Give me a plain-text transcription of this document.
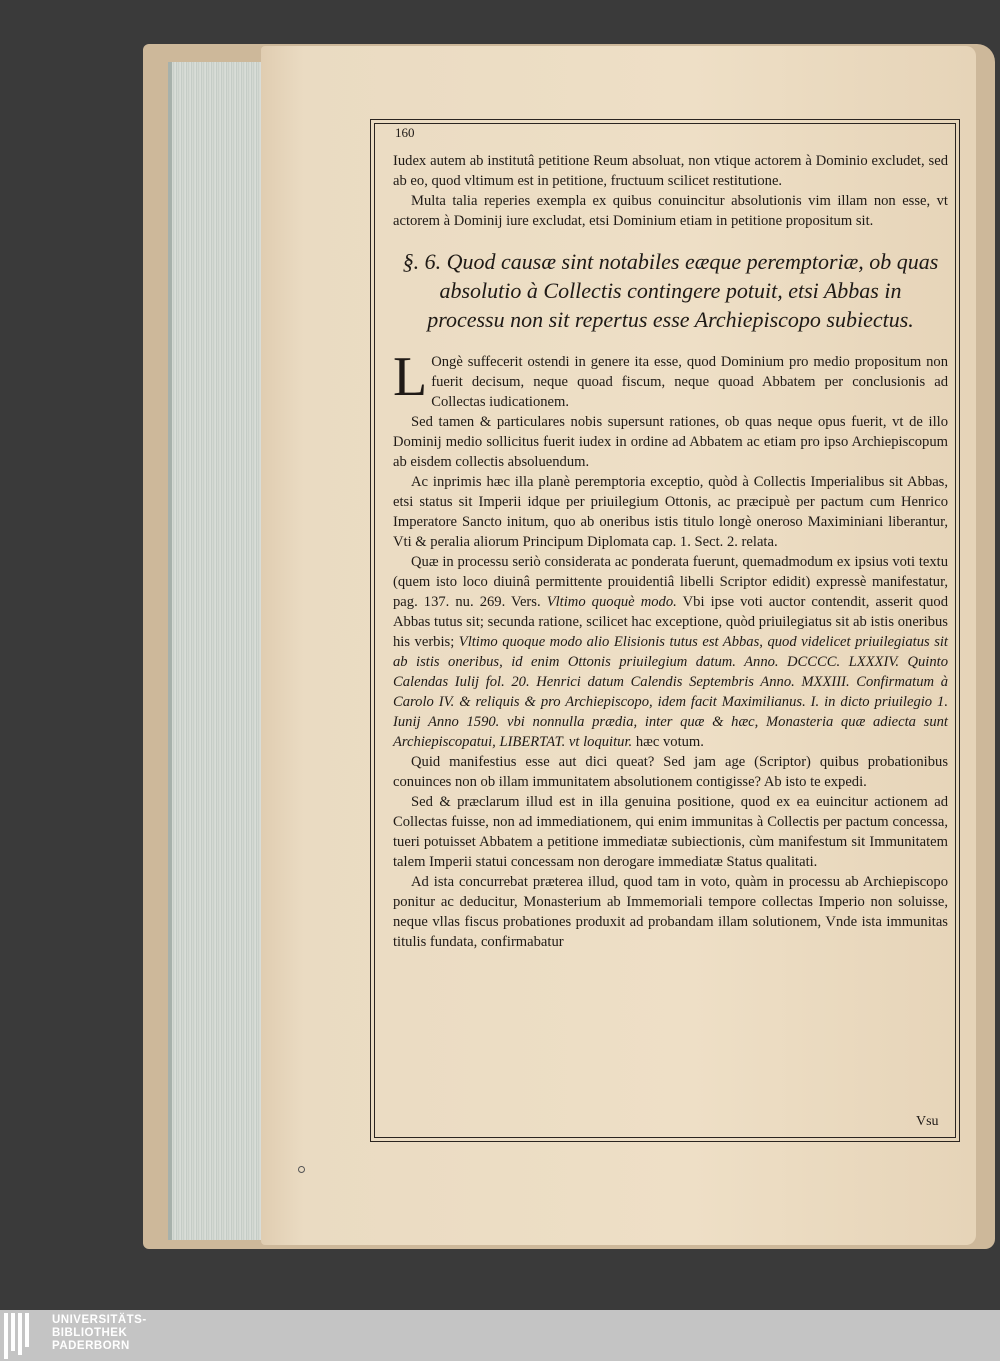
160

Iudex autem ab institutâ petitione Reum absoluat, non vtique actorem à Dominio excludet, sed ab eo, quod vltimum est in petitione, fructuum scilicet restitutione.

Multa talia reperies exempla ex quibus conuincitur absolutionis vim illam non esse, vt actorem à Dominij iure excludat, etsi Dominium etiam in petitione propositum sit.

§. 6. Quod causæ sint notabiles eæque peremptoriæ, ob quas absolutio à Collectis contingere potuit, etsi Abbas in processu non sit repertus esse Archiepiscopo subiectus.

L Ongè suffecerit ostendi in genere ita esse, quod Dominium pro medio propositum non fuerit decisum, neque quoad fiscum, neque quoad Abbatem per conclusionis ad Collectas iudicationem.

Sed tamen & particulares nobis supersunt rationes, ob quas neque opus fuerit, vt de illo Dominij medio sollicitus fuerit iudex in ordine ad Abbatem ac etiam pro ipso Archiepiscopum ab eisdem collectis absoluendum.

Ac inprimis hæc illa planè peremptoria exceptio, quòd à Collectis Imperialibus sit Abbas, etsi status sit Imperii idque per priuilegium Ottonis, ac præcipuè per pactum cum Henrico Imperatore Sancto initum, quo ab oneribus istis titulo longè oneroso Maximiniani liberantur, Vti & peralia aliorum Principum Diplomata cap. 1. Sect. 2. relata.

Quæ in processu seriò considerata ac ponderata fuerunt, quemadmodum ex ipsius voti textu (quem isto loco diuinâ permittente prouidentiâ libelli Scriptor edidit) expressè manifestatur, pag. 137. nu. 269. Vers. Vltimo quoquè modo. Vbi ipse voti auctor contendit, asserit quod Abbas tutus sit; secunda ratione, scilicet hac exceptione, quòd priuilegiatus sit ab istis oneribus his verbis; Vltimo quoque modo alio Elisionis tutus est Abbas, quod videlicet priuilegiatus sit ab istis oneribus, id enim Ottonis priuilegium datum. Anno. DCCCC. LXXXIV. Quinto Calendas Iulij fol. 20. Henrici datum Calendis Septembris Anno. MXXIII. Confirmatum à Carolo IV. & reliquis & pro Archiepiscopo, idem facit Maximilianus. I. in dicto priuilegio 1. Iunij Anno 1590. vbi nonnulla prædia, inter quæ & hæc, Monasteria quæ adiecta sunt Archiepiscopatui, LIBERTAT. vt loquitur. hæc votum.

Quid manifestius esse aut dici queat? Sed jam age (Scriptor) quibus probationibus conuinces non ob illam immunitatem absolutionem contigisse? Ab isto te expedi.

Sed & præclarum illud est in illa genuina positione, quod ex ea euincitur actionem ad Collectas fuisse, non ad immediationem, qui enim immunitas à Collectis per pactum concessa, tueri potuisset Abbatem a petitione immediatæ subiectionis, cùm manifestum sit Immunitatem talem Imperii statui concessam non derogare immediatæ Status qualitati.

Ad ista concurrebat præterea illud, quod tam in voto, quàm in processu ab Archiepiscopo ponitur ac deducitur, Monasterium ab Immemoriali tempore collectas Imperio non soluisse, neque vllas fiscus probationes produxit ad probandam illam solutionem, Vnde ista immunitas titulis fundata, confirmabatur

Vsu
UNIVERSITÄTS-
BIBLIOTHEK
PADERBORN
